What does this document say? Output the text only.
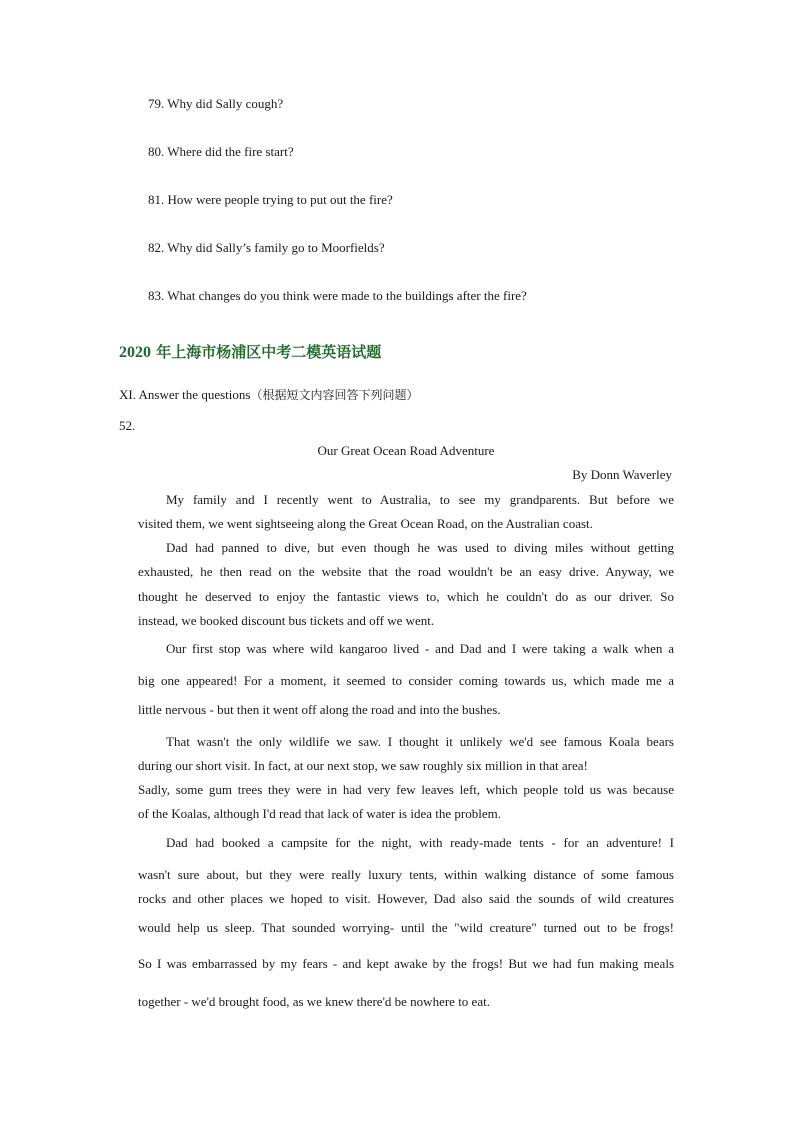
79. Why did Sally cough?
80. Where did the fire start?
81. How were people trying to put out the fire?
82. Why did Sally’s family go to Moorfields?
83. What changes do you think were made to the buildings after the fire?
2020 年上海市杨浦区中考二模英语试题
XI. Answer the questions（根据短文内容回答下列问题）
52.
Our Great Ocean Road Adventure
By Donn Waverley
My family and I recently went to Australia, to see my grandparents. But before we
visited them, we went sightseeing along the Great Ocean Road, on the Australian coast.
Dad had panned to dive, but even though he was used to diving miles without getting
exhausted, he then read on the website that the road wouldn't be an easy drive. Anyway, we
thought he deserved to enjoy the fantastic views to, which he couldn't do as our driver. So
instead, we booked discount bus tickets and off we went.
Our first stop was where wild kangaroo lived - and Dad and I were taking a walk when a
big one appeared! For a moment, it seemed to consider coming towards us, which made me a
little nervous - but then it went off along the road and into the bushes.
That wasn't the only wildlife we saw. I thought it unlikely we'd see famous Koala bears
during our short visit. In fact, at our next stop, we saw roughly six million in that area!
Sadly, some gum trees they were in had very few leaves left, which people told us was because
of the Koalas, although I'd read that lack of water is idea the problem.
Dad had booked a campsite for the night, with ready-made tents - for an adventure! I
wasn't sure about, but they were really luxury tents, within walking distance of some famous
rocks and other places we hoped to visit. However, Dad also said the sounds of wild creatures
would help us sleep. That sounded worrying- until the "wild creature" turned out to be frogs!
So I was embarrassed by my fears - and kept awake by the frogs! But we had fun making meals
together - we'd brought food, as we knew there'd be nowhere to eat.
